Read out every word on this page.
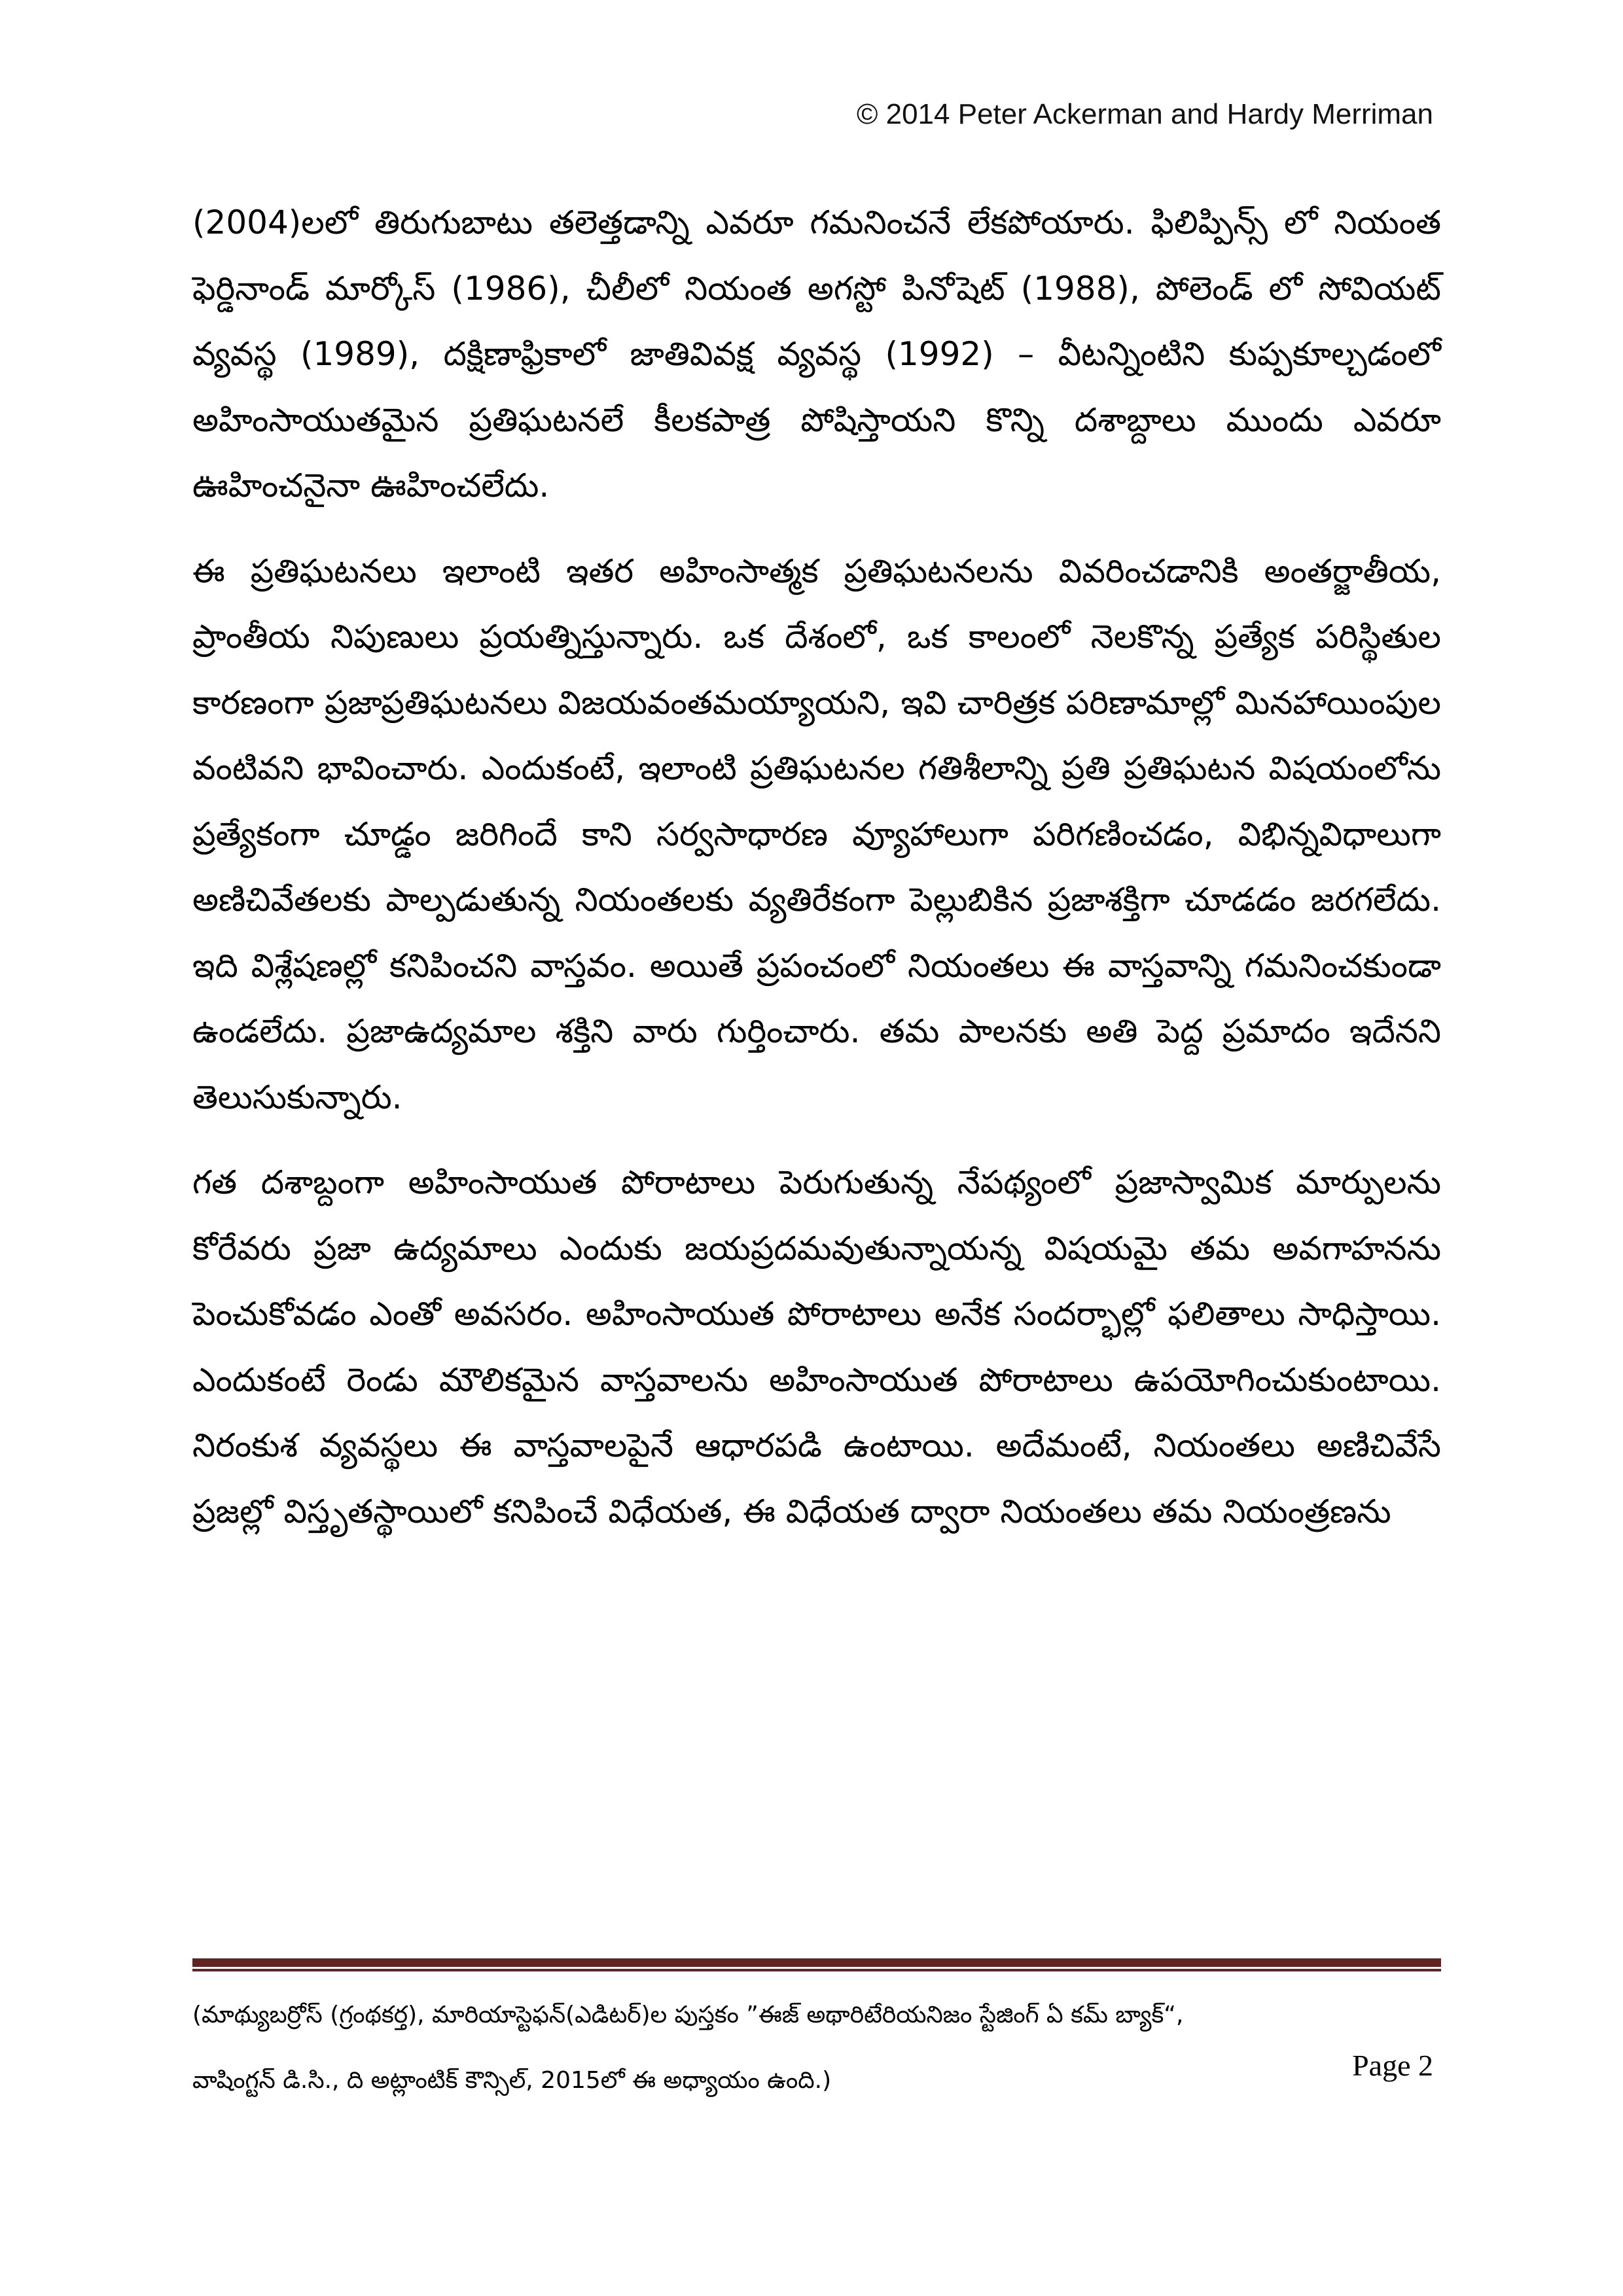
© 2014 Peter Ackerman and Hardy Merriman

(2004)లలో తిరుగుబాటు తలెత్తడాన్ని ఎవరూ గమనించనే లేకపోయారు. ఫిలిప్పిన్స్ లో నియంత ఫెర్డినాండ్ మార్కోస్ (1986), చీలీలో నియంత అగస్టో పినోషెట్ (1988), పోలెండ్ లో సోవియట్ వ్యవస్థ (1989), దక్షిణాఫ్రికాలో జాతివివక్ష వ్యవస్థ (1992) – వీటన్నింటిని కుప్పకూల్చడంలో అహింసాయుతమైన ప్రతిఘటనలే కీలకపాత్ర పోషిస్తాయని కొన్ని దశాబ్దాలు ముందు ఎవరూ ఊహించనైనా ఊహించలేదు.

ఈ ప్రతిఘటనలు ఇలాంటి ఇతర అహింసాత్మక ప్రతిఘటనలను వివరించడానికి అంతర్జాతీయ, ప్రాంతీయ నిపుణులు ప్రయత్నిస్తున్నారు. ఒక దేశంలో, ఒక కాలంలో నెలకొన్న ప్రత్యేక పరిస్థితుల కారణంగా ప్రజాప్రతిఘటనలు విజయవంతమయ్యాయని, ఇవి చారిత్రక పరిణామాల్లో మినహాయింపుల వంటివని భావించారు. ఎందుకంటే, ఇలాంటి ప్రతిఘటనల గతిశీలాన్ని ప్రతి ప్రతిఘటన విషయంలోను ప్రత్యేకంగా చూడ్డం జరిగిందే కాని సర్వసాధారణ వ్యూహాలుగా పరిగణించడం, విభిన్నవిధాలుగా అణిచివేతలకు పాల్పడుతున్న నియంతలకు వ్యతిరేకంగా పెల్లుబికిన ప్రజాశక్తిగా చూడడం జరగలేదు. ఇది విశ్లేషణల్లో కనిపించని వాస్తవం. అయితే ప్రపంచంలో నియంతలు ఈ వాస్తవాన్ని గమనించకుండా ఉండలేదు. ప్రజాఉద్యమాల శక్తిని వారు గుర్తించారు. తమ పాలనకు అతి పెద్ద ప్రమాదం ఇదేనని తెలుసుకున్నారు.

గత దశాబ్దంగా అహింసాయుత పోరాటాలు పెరుగుతున్న నేపథ్యంలో ప్రజాస్వామిక మార్పులను కోరేవరు ప్రజా ఉద్యమాలు ఎందుకు జయప్రదమవుతున్నాయన్న విషయమై తమ అవగాహనను పెంచుకోవడం ఎంతో అవసరం. అహింసాయుత పోరాటాలు అనేక సందర్భాల్లో ఫలితాలు సాధిస్తాయి. ఎందుకంటే రెండు మౌలికమైన వాస్తవాలను అహింసాయుత పోరాటాలు ఉపయోగించుకుంటాయి. నిరంకుశ వ్యవస్థలు ఈ వాస్తవాలపైనే ఆధారపడి ఉంటాయి. అదేమంటే, నియంతలు అణిచివేసే ప్రజల్లో విస్తృతస్థాయిలో కనిపించే విధేయత, ఈ విధేయత ద్వారా నియంతలు తమ నియంత్రణను

(మాథ్యుబర్రోస్ (గ్రంథకర్త), మారియాస్టెఫన్(ఎడిటర్)ల పుస్తకం ”ఈజ్ అథారిటేరియనిజం స్టేజింగ్ ఏ కమ్ బ్యాక్“,
వాషింగ్టన్ డి.సి., ది అట్లాంటిక్ కౌన్సిల్, 2015లో ఈ అధ్యాయం ఉంది.)	Page 2
